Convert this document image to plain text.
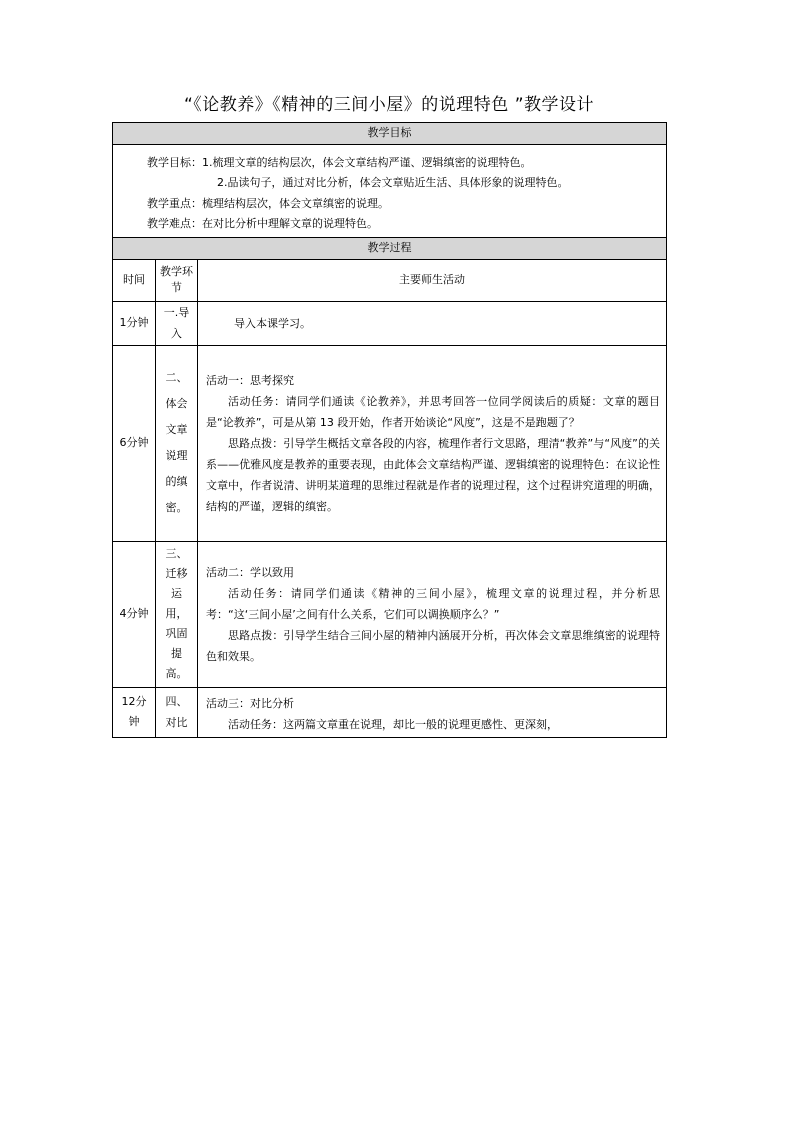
“《论教养》《精神的三间小屋》的说理特色 ”教学设计
教学目标		

教学目标：1.梳理文章的结构层次，体会文章结构严谨、逻辑缜密的说理特色。

2.品读句子，通过对比分析，体会文章贴近生活、具体形象的说理特色。

教学重点：梳理结构层次，体会文章缜密的说理。

教学难点：在对比分析中理解文章的说理特色。		

教学过程		
时间	教学环节	主要师生活动
1分钟	一.导入	导入本课学习。

6分钟	二、体会文章说理的缜密。	活动一：思考探究

活动任务：请同学们通读《论教养》，并思考回答一位同学阅读后的质疑：文章的题目是“论教养”，可是从第 13 段开始，作者开始谈论“风度”，这是不是跑题了？

思路点拨：引导学生概括文章各段的内容，梳理作者行文思路，理清“教养”与“风度”的关系——优雅风度是教养的重要表现，由此体会文章结构严谨、逻辑缜密的说理特色：在议论性文章中，作者说清、讲明某道理的思维过程就是作者的说理过程，这个过程讲究道理的明确，结构的严谨，逻辑的缜密。

4分钟	三、迁移运用，巩固提高。	活动二：学以致用

活动任务：请同学们通读《精神的三间小屋》，梳理文章的说理过程，并分析思考：“这‘三间小屋’之间有什么关系，它们可以调换顺序么？”

思路点拨：引导学生结合三间小屋的精神内涵展开分析，再次体会文章思维缜密的说理特色和效果。

12分钟	四、对比	活动三：对比分析

活动任务：这两篇文章重在说理，却比一般的说理更感性、更深刻，
